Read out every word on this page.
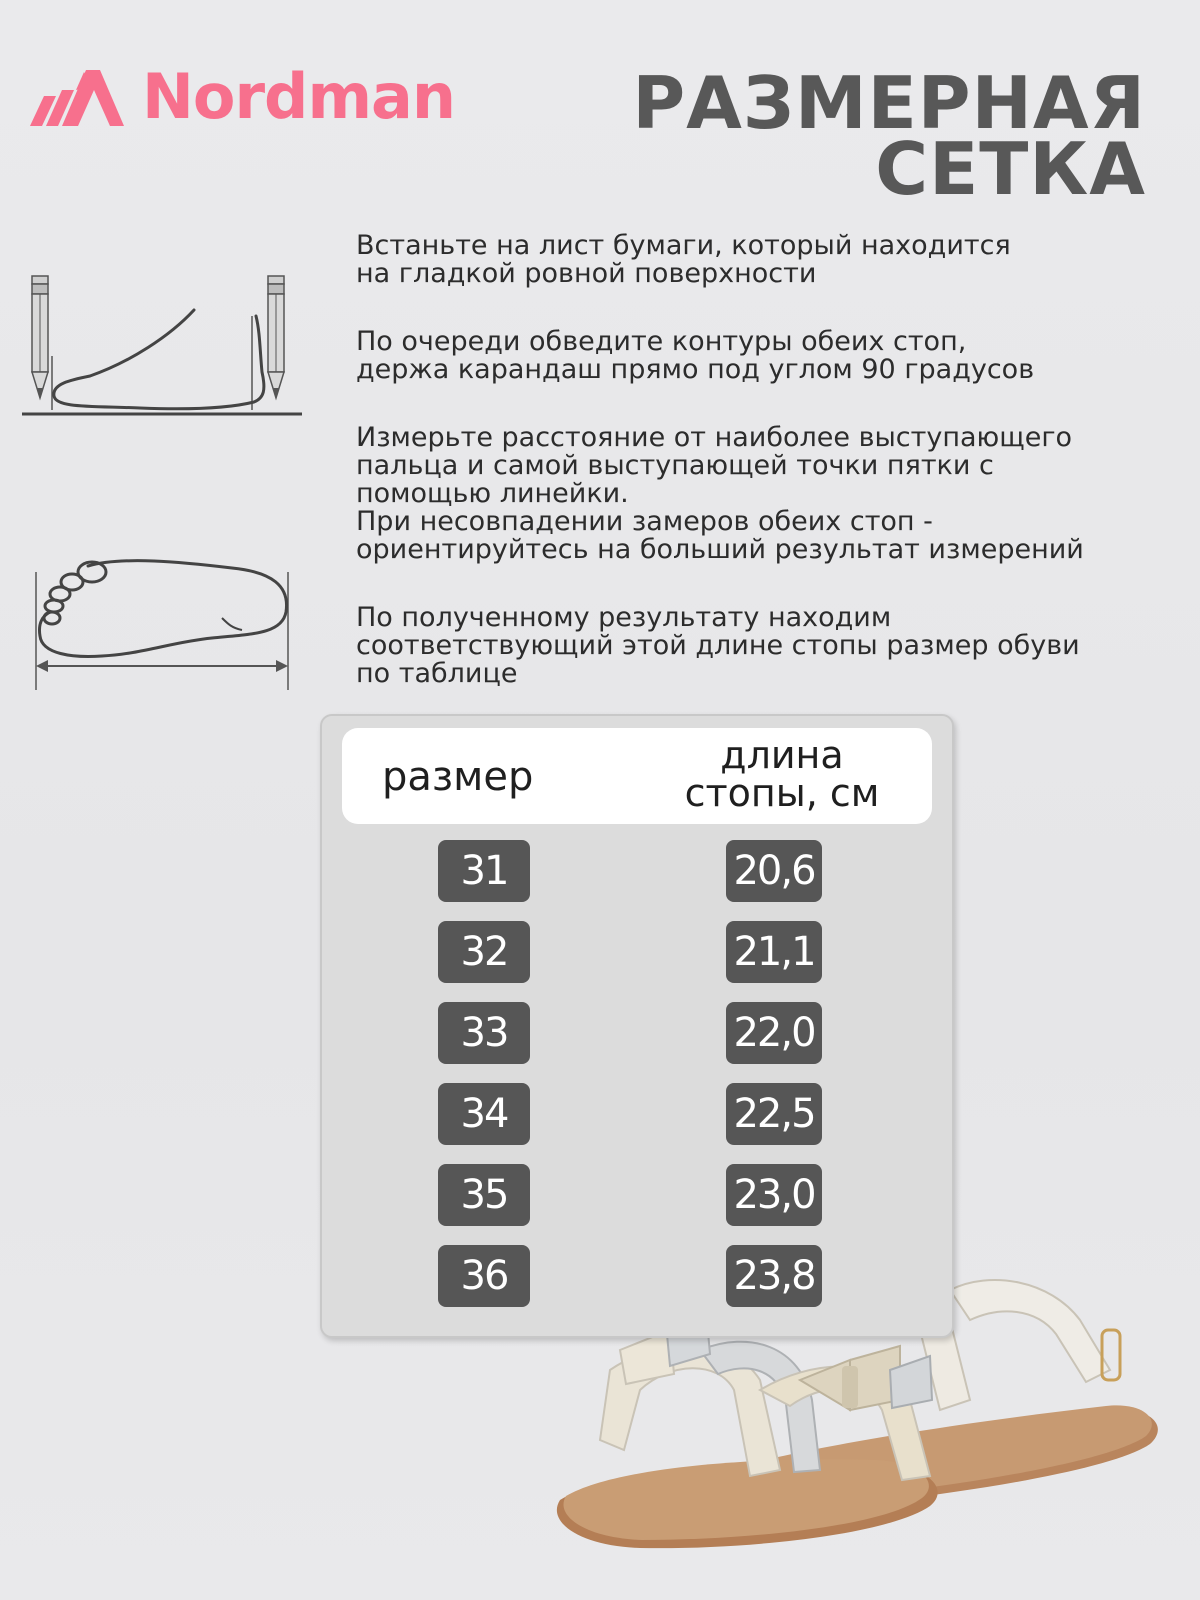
Nordman РАЗМЕРНАЯ
СЕТКА

Встаньте на лист бумаги, который находится
на гладкой ровной поверхности

По очереди обведите контуры обеих стоп,
держа карандаш прямо под углом 90 градусов

Измерьте расстояние от наиболее выступающего
пальца и самой выступающей точки пятки с
помощью линейки.
При несовпадении замеров обеих стоп -
ориентируйтесь на больший результат измерений

По полученному результату находим
соответствующий этой длине стопы размер обуви
по таблице

размер	длина
стопы, см
31	20,6
32	21,1
33	22,0
34	22,5
35	23,0
36	23,8
